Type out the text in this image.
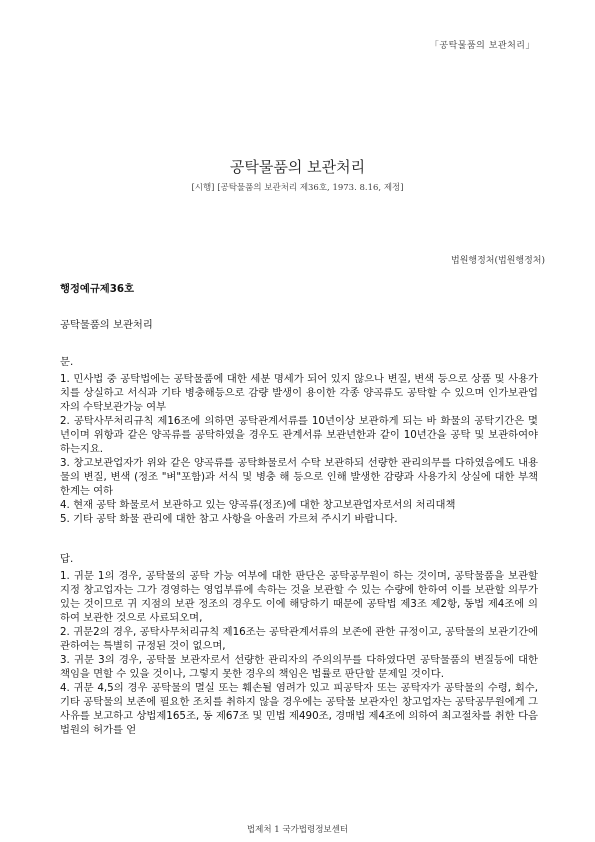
「공탁물품의 보관처리」
공탁물품의 보관처리
[시행] [공탁물품의 보관처리 제36호, 1973. 8.16, 제정]
법원행정처(법원행정처)
행정예규제36호
공탁물품의 보관처리
문.

1. 민사법 중 공탁법에는 공탁물품에 대한 세분 명세가 되어 있지 않으나 변질, 변색 등으로 상품 및 사용가치를 상실하고 서식과 기타 병충해등으로 감량 발생이 용이한 각종 양곡류도 공탁할 수 있으며 인가보관업자의 수탁보관가능 여부

2. 공탁사무처리규칙 제16조에 의하면 공탁관계서류를 10년이상 보관하게 되는 바 화물의 공탁기간은 몇년이며 위항과 같은 양곡류를 공탁하였을 경우도 관계서류 보관년한과 같이 10년간을 공탁 및 보관하여야 하는지요.

3. 창고보관업자가 위와 같은 양곡류를 공탁화물로서 수탁 보관하되 선량한 관리의무를 다하였음에도 내용물의 변질, 변색 (정조 "벼"포함)과 서식 및 병충 해 등으로 인해 발생한 감량과 사용가치 상실에 대한 부책한계는 여하

4. 현재 공탁 화물로서 보관하고 있는 양곡류(정조)에 대한 창고보관업자로서의 처리대책

5. 기타 공탁 화물 관리에 대한 참고 사항을 아울러 가르쳐 주시기 바랍니다.

답.

1. 귀문 1의 경우, 공탁물의 공탁 가능 여부에 대한 판단은 공탁공무원이 하는 것이며, 공탁물품을 보관할 지정 창고업자는 그가 경영하는 영업부류에 속하는 것을 보관할 수 있는 수량에 한하여 이를 보관할 의무가 있는 것이므로 귀 지점의 보관 정조의 경우도 이에 해당하기 때문에 공탁법 제3조 제2항, 동법 제4조에 의하여 보관한 것으로 사료되오며,

2. 귀문2의 경우, 공탁사무처리규칙 제16조는 공탁관계서류의 보존에 관한 규정이고, 공탁물의 보관기간에 관하여는 특별히 규정된 것이 없으며,

3. 귀문 3의 경우, 공탁물 보관자로서 선량한 관리자의 주의의무를 다하였다면 공탁물품의 변질등에 대한 책임을 면할 수 있을 것이나, 그렇지 못한 경우의 책임은 법률로 판단할 문제일 것이다.

4. 귀문 4,5의 경우 공탁물의 멸실 또는 훼손될 염려가 있고 피공탁자 또는 공탁자가 공탁물의 수령, 회수, 기타 공탁물의 보존에 필요한 조치를 취하지 않을 경우에는 공탁물 보관자인 창고업자는 공탁공무원에게 그 사유를 보고하고 상법제165조, 동 제67조 및 민법 제490조, 경매법 제4조에 의하여 최고절차를 취한 다음 법원의 허가를 얻

법제처 1 국가법령정보센터
